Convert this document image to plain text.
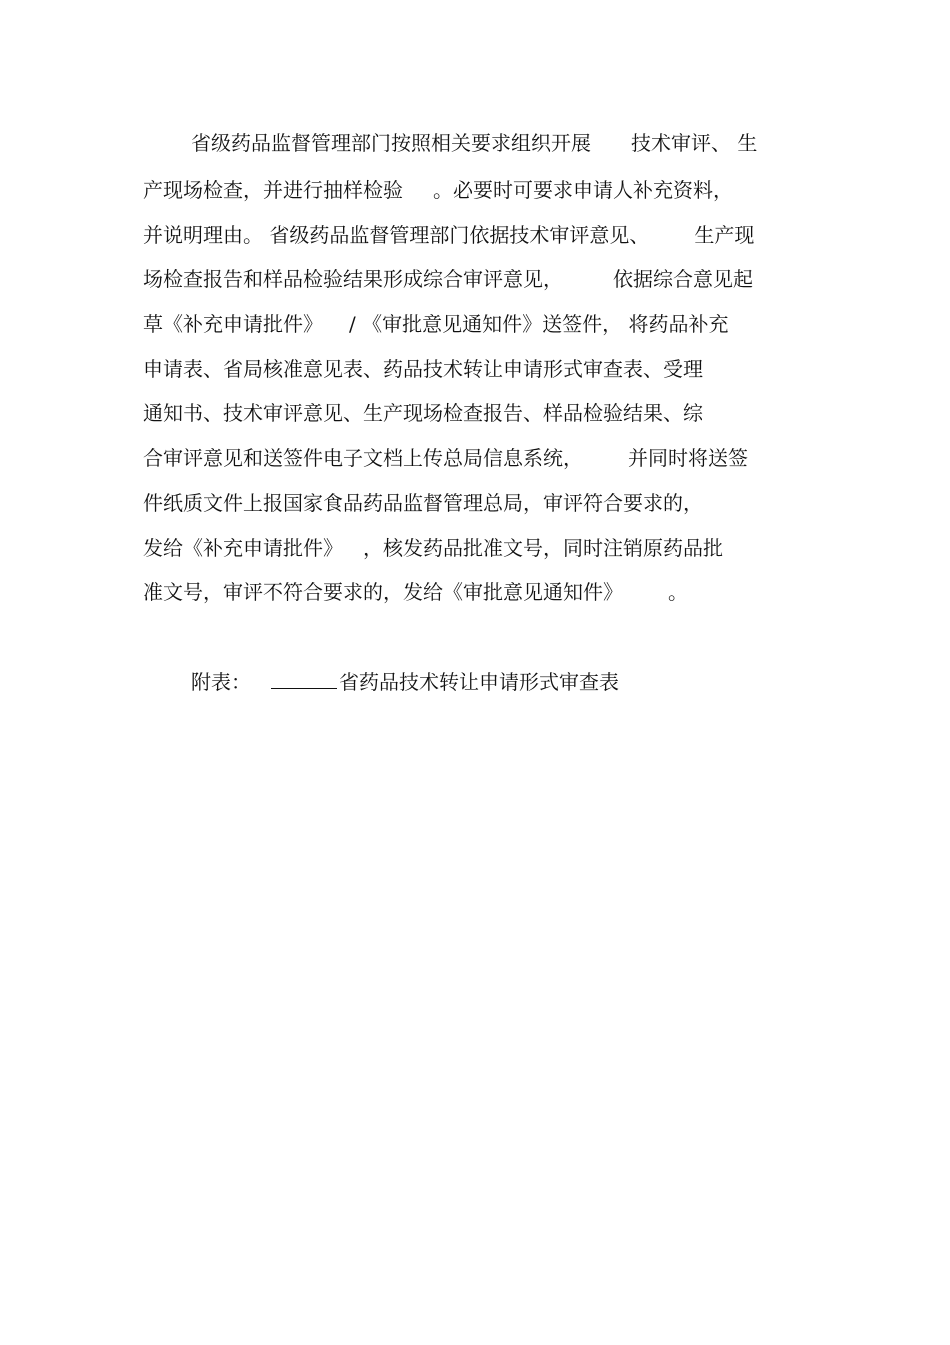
省级药品监督管理部门按照相关要求组织开展 技术审评、 生
产现场检查，并进行抽样检验 。必要时可要求申请人补充资料，
并说明理由。 省级药品监督管理部门依据技术审评意见、 生产现
场检查报告和样品检验结果形成综合审评意见，	依据综合意见起
草《补充申请批件》 / 《审批意见通知件》送签件， 将药品补充
申请表、省局核准意见表、药品技术转让申请形式审查表、受理
通知书、技术审评意见、生产现场检查报告、样品检验结果、综
合审评意见和送签件电子文档上传总局信息系统， 并同时将送签
件纸质文件上报国家食品药品监督管理总局，审评符合要求的，
发给《补充申请批件》 ，核发药品批准文号，同时注销原药品批
准文号，审评不符合要求的，发给《审批意见通知件》 。
附表：	省药品技术转让申请形式审查表
